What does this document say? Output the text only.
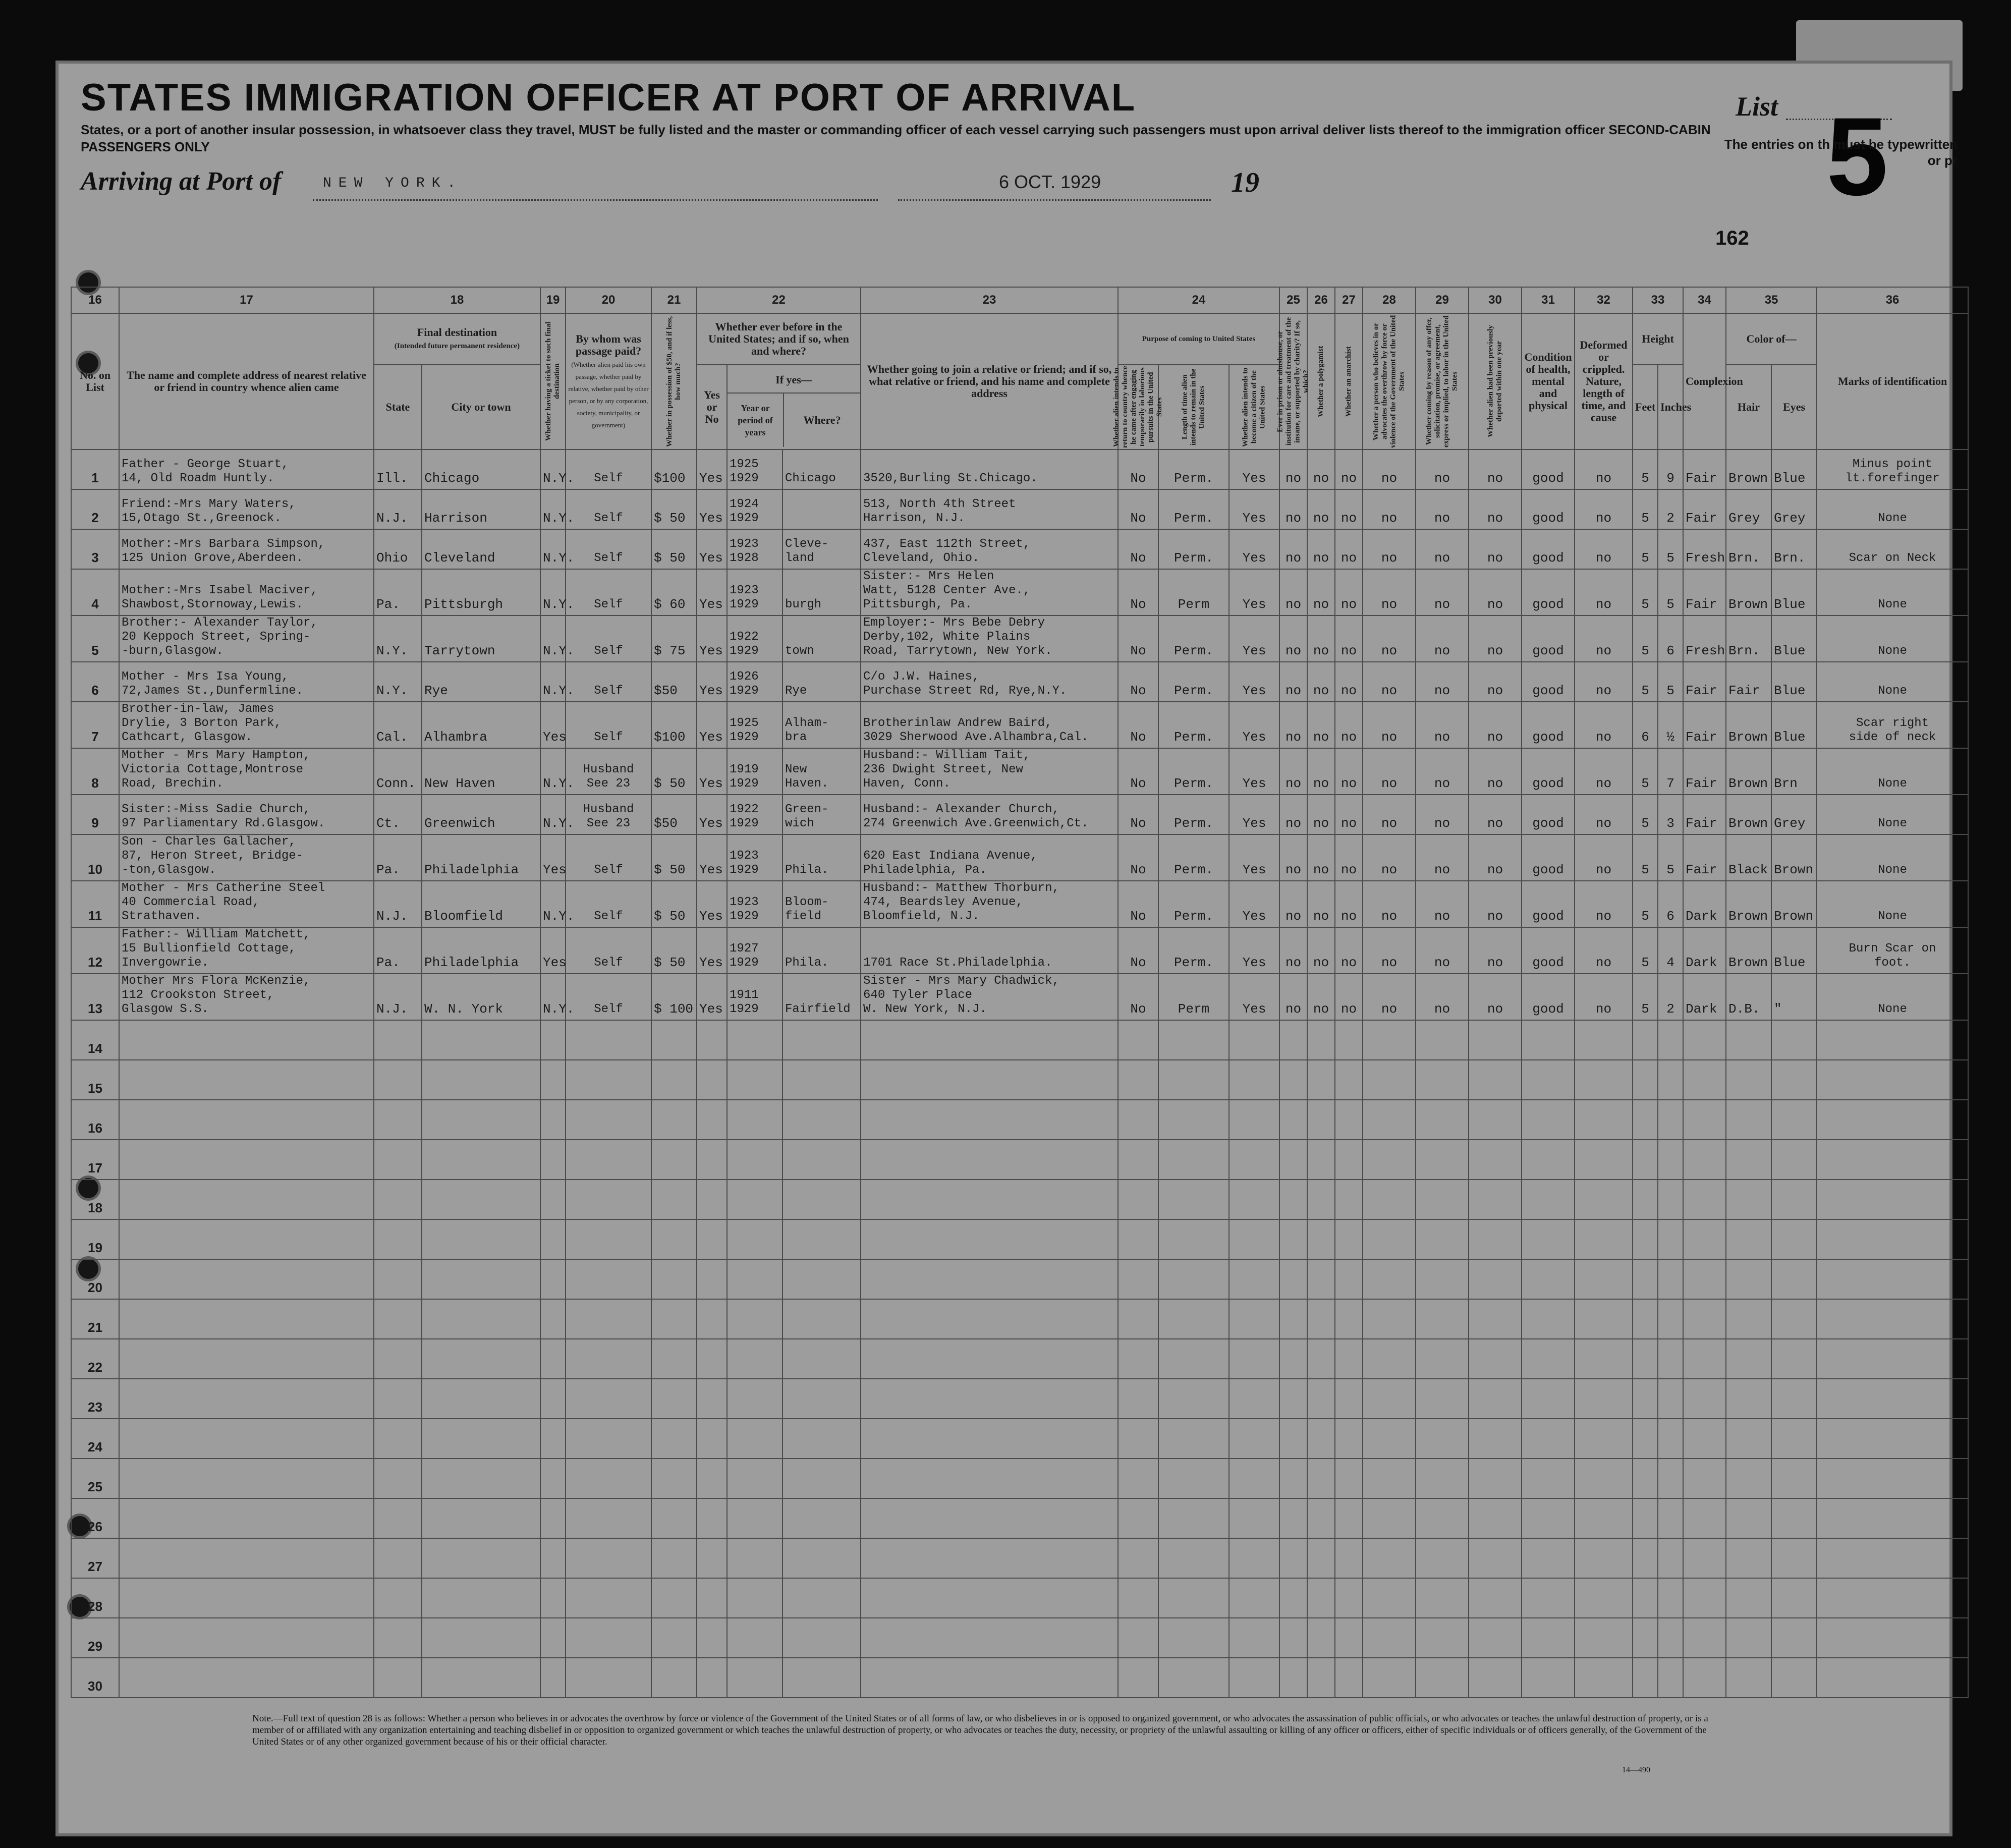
STATES IMMIGRATION OFFICER AT PORT OF ARRIVAL
States, or a port of another insular possession, in whatsoever class they travel, MUST be fully listed and the master or commanding officer of each vessel carrying such passengers must upon arrival deliver lists thereof to the immigration officer SECOND-CABIN PASSENGERS ONLY
Arriving at Port of	NEW YORK.	6 OCT. 1929	19
List 5
The entries on th must be typewritten or pr
162
16	17	18		19	20	21	22			23	24			25	26	27	28	29	30	31	32	33		34	35		36
No. on List	The name and complete address of nearest relative or friend in country whence alien came	Final destination
(Intended future permanent residence)		Whether having a ticket to such final destination	By whom was passage paid?
(Whether alien paid his own passage, whether paid by relative, whether paid by other person, or by any corporation, society, municipality, or government)	Whether in possession of $50, and if less, how much?	Whether ever before in the United States; and if so, when and where?			Whether going to join a relative or friend; and if so, what relative or friend, and his name and complete address	Purpose of coming to United States			Ever in prison or almshouse, or institution for care and treatment of the insane, or supported by charity? If so, which?	Whether a polygamist	Whether an anarchist	Whether a person who believes in or advocates the overthrow by force or violence of the Government of the United States	Whether coming by reason of any offer, solicitation, promise, or agreement, express or implied, to labor in the United States	Whether alien had been previously deported within one year	Condition of health, mental and physical	Deformed or crippled. Nature, length of time, and cause	Height		Complexion	Color of—		Marks of identification
		State	City or town				Yes or No	If yes—
Year or period of years
Where?			Whether alien intends to return to country whence he came after engaging temporarily in laborious pursuits in the United States	Length of time alien intends to remain in the United States	Whether alien intends to become a citizen of the United States									Feet	Inches		Hair	Eyes	
1	Father - George Stuart,
14, Old Roadm Huntly.	Ill.	Chicago	N.Y.	Self	$100	Yes	1925
1929	Chicago	3520,Burling St.Chicago.	No	Perm.	Yes	no	no	no	no	no	no	good	no	5	9	Fair	Brown	Blue	Minus point
lt.forefinger
2	Friend:-Mrs Mary Waters,
15,Otago St.,Greenock.	N.J.	Harrison	N.Y.	Self	$ 50	Yes	1924
1929		513, North 4th Street
Harrison, N.J.	No	Perm.	Yes	no	no	no	no	no	no	good	no	5	2	Fair	Grey	Grey	None
3	Mother:-Mrs Barbara Simpson,
125 Union Grove,Aberdeen.	Ohio	Cleveland	N.Y.	Self	$ 50	Yes	1923
1928	Cleve-
land	437, East 112th Street,
Cleveland, Ohio.	No	Perm.	Yes	no	no	no	no	no	no	good	no	5	5	Fresh	Brn.	Brn.	Scar on Neck
4	Mother:-Mrs Isabel Maciver,
Shawbost,Stornoway,Lewis.	Pa.	Pittsburgh	N.Y.	Self	$ 60	Yes	1923
1929	burgh	Sister:- Mrs Helen
Watt, 5128 Center Ave.,
Pittsburgh, Pa.	No	Perm	Yes	no	no	no	no	no	no	good	no	5	5	Fair	Brown	Blue	None
5	Brother:- Alexander Taylor,
20 Keppoch Street, Spring-
-burn,Glasgow.	N.Y.	Tarrytown	N.Y.	Self	$ 75	Yes	1922
1929	town	Employer:- Mrs Bebe Debry
Derby,102, White Plains
Road, Tarrytown, New York.	No	Perm.	Yes	no	no	no	no	no	no	good	no	5	6	Fresh	Brn.	Blue	None
6	Mother - Mrs Isa Young,
72,James St.,Dunfermline.	N.Y.	Rye	N.Y.	Self	$50	Yes	1926
1929	Rye	C/o J.W. Haines,
Purchase Street Rd, Rye,N.Y.	No	Perm.	Yes	no	no	no	no	no	no	good	no	5	5	Fair	Fair	Blue	None
7	Brother-in-law, James
Drylie, 3 Borton Park,
Cathcart, Glasgow.	Cal.	Alhambra	Yes	Self	$100	Yes	1925
1929	Alham-
bra	Brotherinlaw Andrew Baird,
3029 Sherwood Ave.Alhambra,Cal.	No	Perm.	Yes	no	no	no	no	no	no	good	no	6	½	Fair	Brown	Blue	Scar right
side of neck
8	Mother - Mrs Mary Hampton,
Victoria Cottage,Montrose
Road, Brechin.	Conn.	New Haven	N.Y.	Husband
See 23	$ 50	Yes	1919
1929	New
Haven.	Husband:- William Tait,
236 Dwight Street, New
Haven, Conn.	No	Perm.	Yes	no	no	no	no	no	no	good	no	5	7	Fair	Brown	Brn	None
9	Sister:-Miss Sadie Church,
97 Parliamentary Rd.Glasgow.	Ct.	Greenwich	N.Y.	Husband
See 23	$50	Yes	1922
1929	Green-
wich	Husband:- Alexander Church,
274 Greenwich Ave.Greenwich,Ct.	No	Perm.	Yes	no	no	no	no	no	no	good	no	5	3	Fair	Brown	Grey	None
10	Son - Charles Gallacher,
87, Heron Street, Bridge-
-ton,Glasgow.	Pa.	Philadelphia	Yes	Self	$ 50	Yes	1923
1929	Phila.	620 East Indiana Avenue,
Philadelphia, Pa.	No	Perm.	Yes	no	no	no	no	no	no	good	no	5	5	Fair	Black	Brown	None
11	Mother - Mrs Catherine Steel
40 Commercial Road,
Strathaven.	N.J.	Bloomfield	N.Y.	Self	$ 50	Yes	1923
1929	Bloom-
field	Husband:- Matthew Thorburn,
474, Beardsley Avenue,
Bloomfield, N.J.	No	Perm.	Yes	no	no	no	no	no	no	good	no	5	6	Dark	Brown	Brown	None
12	Father:- William Matchett,
15 Bullionfield Cottage,
Invergowrie.	Pa.	Philadelphia	Yes	Self	$ 50	Yes	1927
1929	Phila.	1701 Race St.Philadelphia.	No	Perm.	Yes	no	no	no	no	no	no	good	no	5	4	Dark	Brown	Blue	Burn Scar on
foot.
13	Mother Mrs Flora McKenzie,
112 Crookston Street,
Glasgow S.S.	N.J.	W. N. York	N.Y.	Self	$ 100	Yes	1911
1929	Fairfield	Sister - Mrs Mary Chadwick,
640 Tyler Place
W. New York, N.J.	No	Perm	Yes	no	no	no	no	no	no	good	no	5	2	Dark	D.B.	"	None
14																											
15																											
16																											
17																											
18																											
19																											
20																											
21																											
22																											
23																											
24																											
25																											
26																											
27																											
28																											
29																											
30																											
Note.—Full text of question 28 is as follows: Whether a person who believes in or advocates the overthrow by force or violence of the Government of the United States or of all forms of law, or who disbelieves in or is opposed to organized government, or who advocates the assassination of public officials, or who advocates or teaches the unlawful destruction of property, or is a member of or affiliated with any organization entertaining and teaching disbelief in or opposition to organized government or which teaches the unlawful destruction of property, or who advocates or teaches the duty, necessity, or propriety of the unlawful assaulting or killing of any officer or officers, either of specific individuals or of officers generally, of the Government of the United States or of any other organized government because of his or their official character.
14—490
